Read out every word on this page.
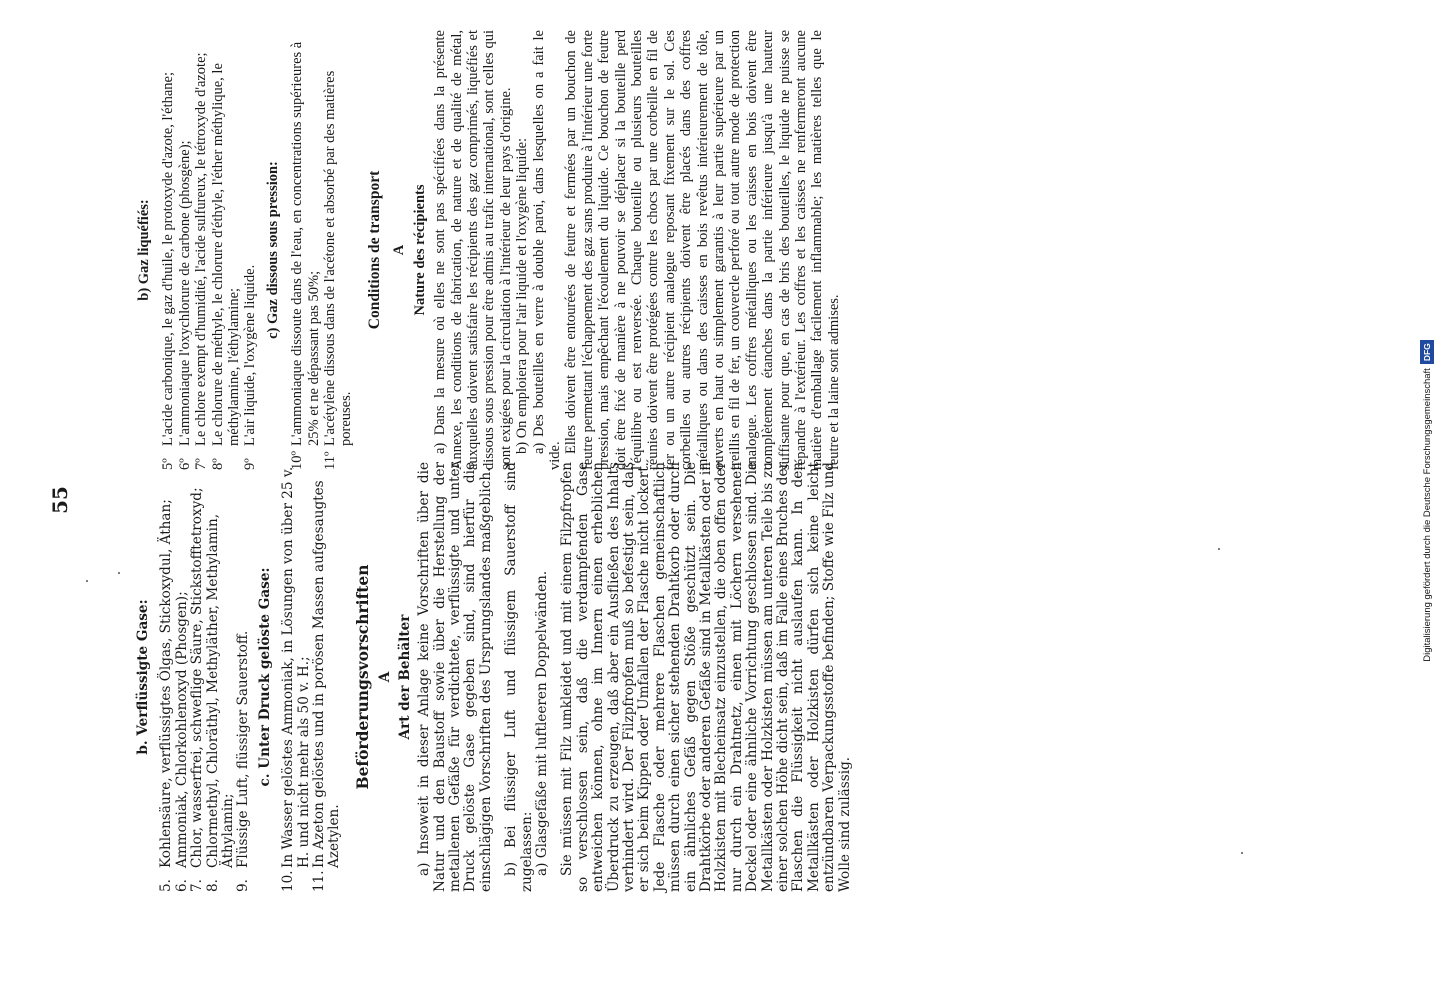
55
b. Verflüssigte Gase:
5.
Kohlensäure, verflüssigtes Ölgas, Stickoxydul, Äthan;
6.
Ammoniak, Chlorkohlenoxyd (Phosgen);
7.
Chlor, wasserfrei, schweflige Säure, Stickstofftetroxyd;
8.
Chlormethyl, Chloräthyl, Methyläther, Methylamin, Äthylamin;
9.
Flüssige Luft, flüssiger Sauerstoff. c. Unter Druck gelöste Gase:
10.
In Wasser gelöstes Ammoniak, in Lösungen von über 25 v. H. und nicht mehr als 50 v. H.;
11.
In Azeton gelöstes und in porösen Massen aufgesaugtes Azetylen.
Beförderungsvorschriften A Art der Behälter a) Insoweit in dieser Anlage keine Vorschriften über die Natur und den Baustoff sowie über die Herstellung der metallenen Gefäße für verdichtete, verflüssigte und unter Druck gelöste Gase gegeben sind, sind hierfür die einschlägigen Vorschriften des Ursprungslandes maßgeblich. b) Bei flüssiger Luft und flüssigem Sauerstoff sind zugelassen: a) Glasgefäße mit luftleeren Doppelwänden. Sie müssen mit Filz umkleidet und mit einem Filzpfropfen so verschlossen sein, daß die verdampfenden Gase entweichen können, ohne im Innern einen erheblichen Überdruck zu erzeugen, daß aber ein Ausfließen des Inhalts verhindert wird. Der Filzpfropfen muß so befestigt sein, daß er sich beim Kippen oder Umfallen der Flasche nicht lockert. Jede Flasche oder mehrere Flaschen gemeinschaftlich müssen durch einen sicher stehenden Drahtkorb oder durch ein ähnliches Gefäß gegen Stöße geschützt sein. Die Drahtkörbe oder anderen Gefäße sind in Metallkästen oder in Holzkisten mit Blecheinsatz einzustellen, die oben offen oder nur durch ein Drahtnetz, einen mit Löchern versehenen Deckel oder eine ähnliche Vorrichtung geschlossen sind. Die Metallkästen oder Holzkisten müssen am unteren Teile bis zu einer solchen Höhe dicht sein, daß im Falle eines Bruches der Flaschen die Flüssigkeit nicht auslaufen kann. In den Metallkästen oder Holzkisten dürfen sich keine leicht entzündbaren Verpackungsstoffe befinden; Stoffe wie Filz und Wolle sind zulässig.

b) Gaz liquéfiés:
5º
L'acide carbonique, le gaz d'huile, le protoxyde d'azote, l'éthane;
6º
L'ammoniaque l'oxychlorure de carbone (phosgène);
7º
Le chlore exempt d'humidité, l'acide sulfureux, le tétroxyde d'azote;
8º
Le chlorure de méthyle, le chlorure d'éthyle, l'éther méthylique, le méthylamine, l'éthylamine;
9º
L'air liquide, l'oxygène liquide.
c) Gaz dissous sous pression:
10º
L'ammoniaque dissoute dans de l'eau, en concentrations supérieures à 25% et ne dépassant pas 50%;
11º
L'acétylène dissous dans de l'acétone et absorbé par des matières poreuses.
Conditions de transport A Nature des récipients a) Dans la mesure où elles ne sont pas spécifiées dans la présente Annexe, les conditions de fabrication, de nature et de qualité de métal, auxquelles doivent satisfaire les récipients des gaz comprimés, liquéfiés et dissous sous pression pour être admis au trafic international, sont celles qui sont exigées pour la circulation à l'intérieur de leur pays d'origine. b) On emploiera pour l'air liquide et l'oxygène liquide: a) Des bouteilles en verre à double paroi, dans lesquelles on a fait le vide.

Elles doivent être entourées de feutre et fermées par un bouchon de feutre permettant l'échappement des gaz sans produire à l'intérieur une forte pression, mais empêchant l'écoulement du liquide. Ce bouchon de feutre doit être fixé de manière à ne pouvoir se déplacer si la bouteille perd l'équilibre ou est renversée. Chaque bouteille ou plusieurs bouteilles réunies doivent être protégées contre les chocs par une corbeille en fil de fer ou un autre récipient analogue reposant fixement sur le sol. Ces corbeilles ou autres récipients doivent être placés dans des coffres métalliques ou dans des caisses en bois revêtus intérieurement de tôle, ouverts en haut ou simplement garantis à leur partie supérieure par un treillis en fil de fer, un couvercle perforé ou tout autre mode de protection analogue. Les coffres métalliques ou les caisses en bois doivent être complètement étanches dans la partie inférieure jusqu'à une hauteur suffisante pour que, en cas de bris des bouteilles, le liquide ne puisse se répandre à l'extérieur. Les coffres et les caisses ne renfermeront aucune matière d'emballage facilement inflammable; les matières telles que le feutre et la laine sont admises.	Digitalisierung gefördert durch die Deutsche ForschungsgemeinschaftDFG
